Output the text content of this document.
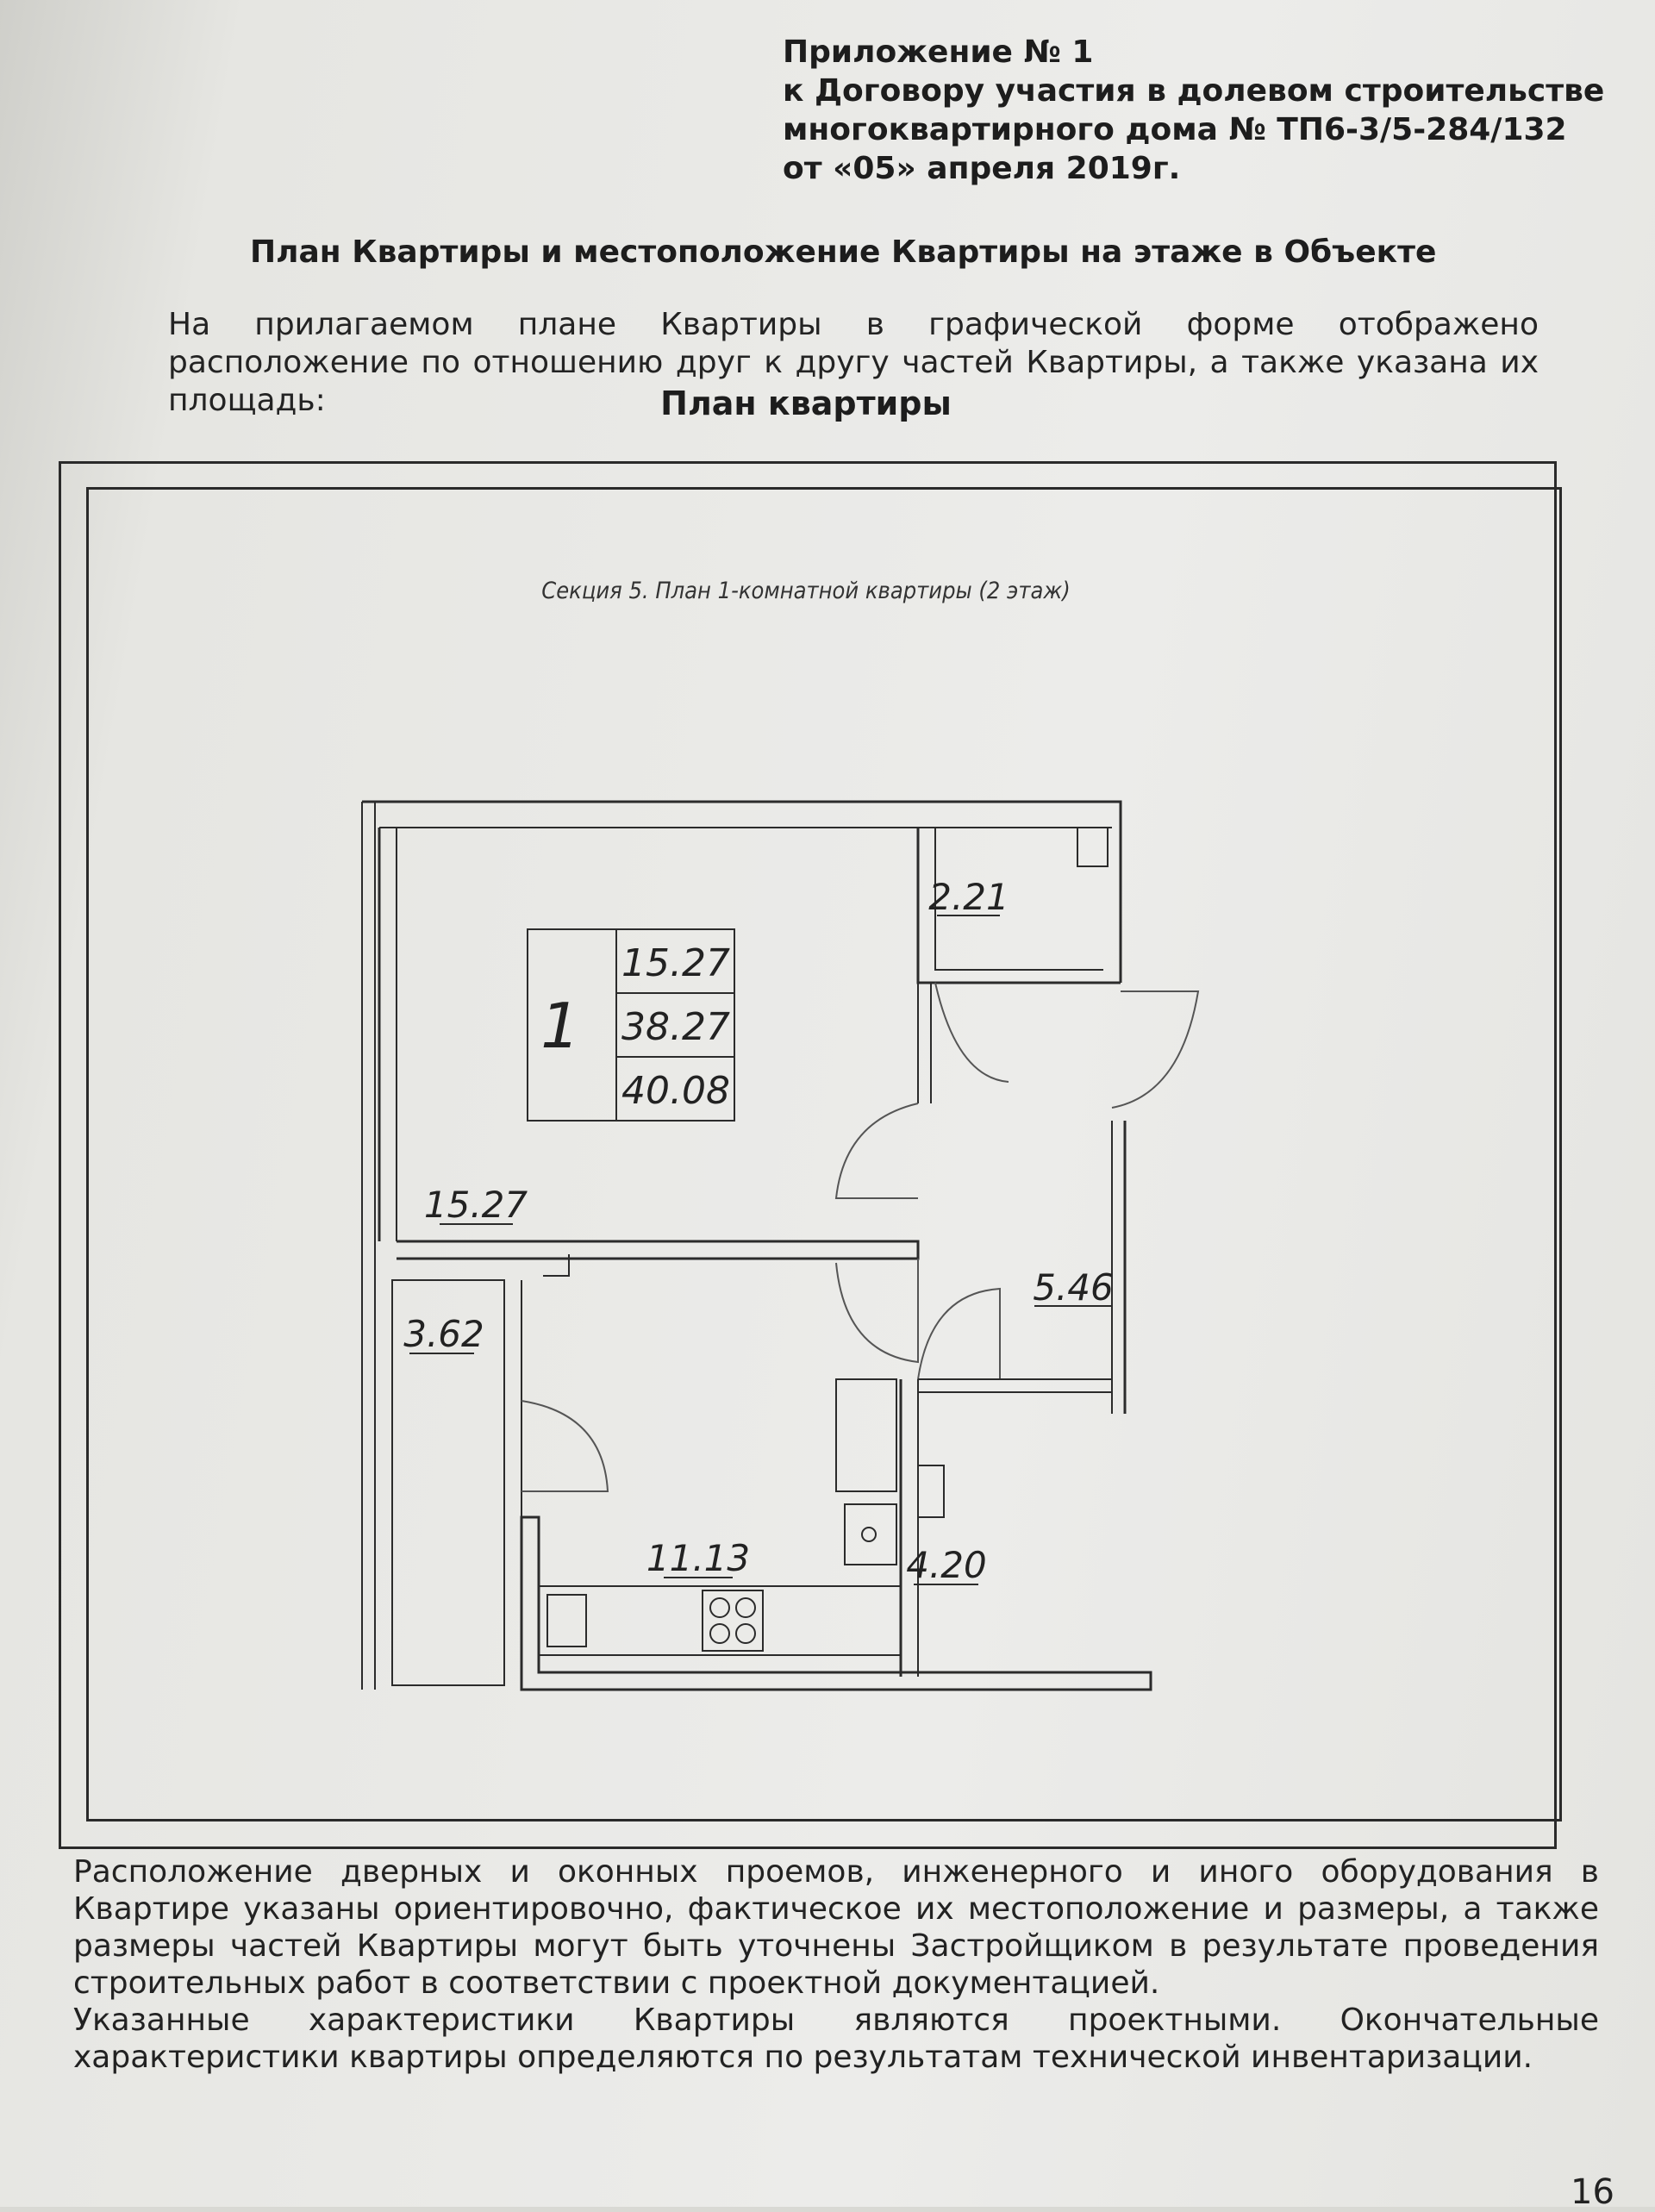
Приложение № 1
к Договору участия в долевом строительстве
многоквартирного дома № ТП6-3/5-284/132
от «05» апреля 2019г.
План Квартиры и местоположение Квартиры на этаже в Объекте
На прилагаемом плане Квартиры в графической форме отображено расположение по отношению друг к другу частей Квартиры, а также указана их площадь:	План квартиры
Секция 5. План 1-комнатной квартиры (2 этаж)
1
15.27
38.27
40.08
15.27
2.21
5.46
3.62
11.13	4.20

Расположение дверных и оконных проемов, инженерного и иного оборудования в Квартире указаны ориентировочно, фактическое их местоположение и размеры, а также размеры частей Квартиры могут быть уточнены Застройщиком в результате проведения строительных работ в соответствии с проектной документацией.

Указанные характеристики Квартиры являются проектными. Окончательные характеристики квартиры определяются по результатам технической инвентаризации.

16
